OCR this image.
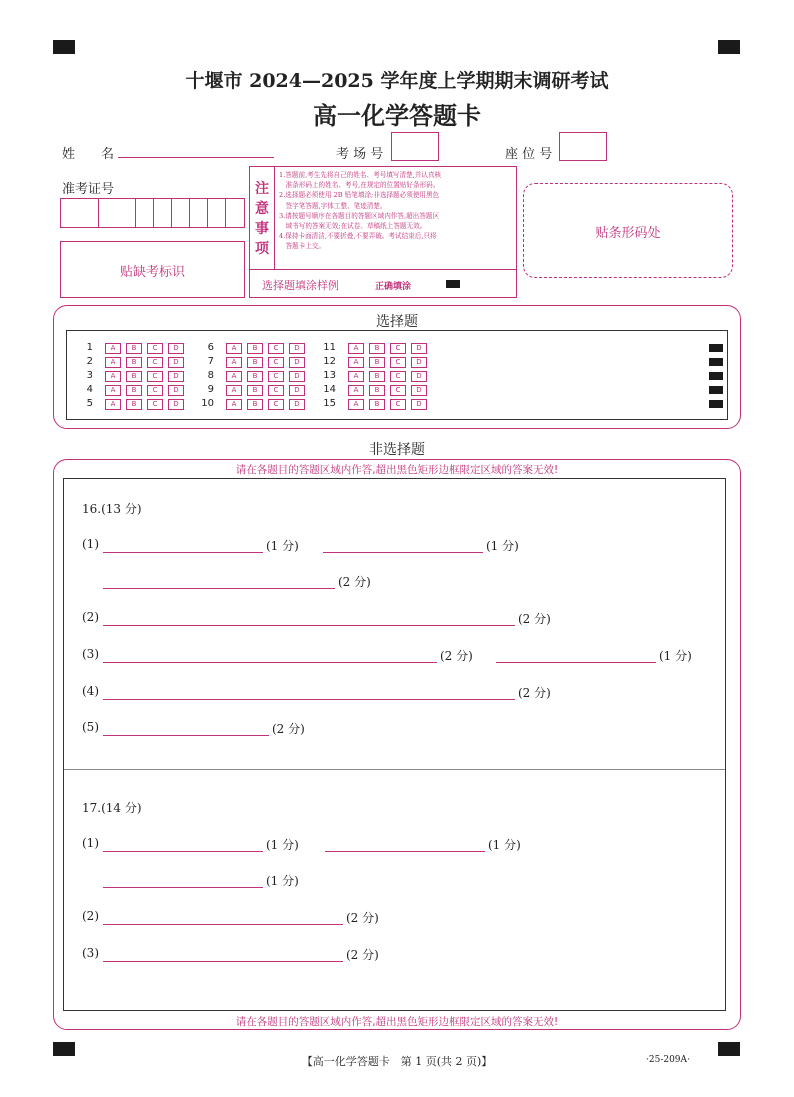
十堰市 2024—2025 学年度上学期期末调研考试
高一化学答题卡
姓　　名	考 场 号	座 位 号
准考证号
贴缺考标识
注
意
事
项
1.答题前,考生先将自己的姓名、考号填写清楚,并认真核
　准条形码上的姓名、考号,在规定的位置贴好条形码。
2.选择题必须使用 2B 铅笔填涂;非选择题必须使用黑色
　签字笔答题,字体工整、笔迹清楚。
3.请按题号顺序在各题目的答题区域内作答,超出答题区
　域书写的答案无效;在试卷、草稿纸上答题无效。
4.保持卡面清洁,不要折叠,不要弄破。考试结束后,只将
　答题卡上交。
选择题填涂样例	正确填涂
贴条形码处
选择题
1	A	B	C	D
2	A	B	C	D
3	A	B	C	D
4	A	B	C	D
5	A	B	C	D
6	A	B	C	D
7	A	B	C	D
8	A	B	C	D
9	A	B	C	D
10	A	B	C	D
11	A	B	C	D
12	A	B	C	D
13	A	B	C	D
14	A	B	C	D
15	A	B	C	D
非选择题
请在各题目的答题区域内作答,超出黑色矩形边框限定区域的答案无效!
请在各题目的答题区域内作答,超出黑色矩形边框限定区域的答案无效!
16.(13 分)
(1)	(1 分)	(1 分)
(2 分)
(2)	(2 分)
(3)	(2 分)	(1 分)
(4)	(2 分)
(5)	(2 分)
17.(14 分)
(1)	(1 分)	(1 分)
(1 分)
(2)	(2 分)
(3)	(2 分)
【高一化学答题卡　第 1 页(共 2 页)】	·25-209A·
